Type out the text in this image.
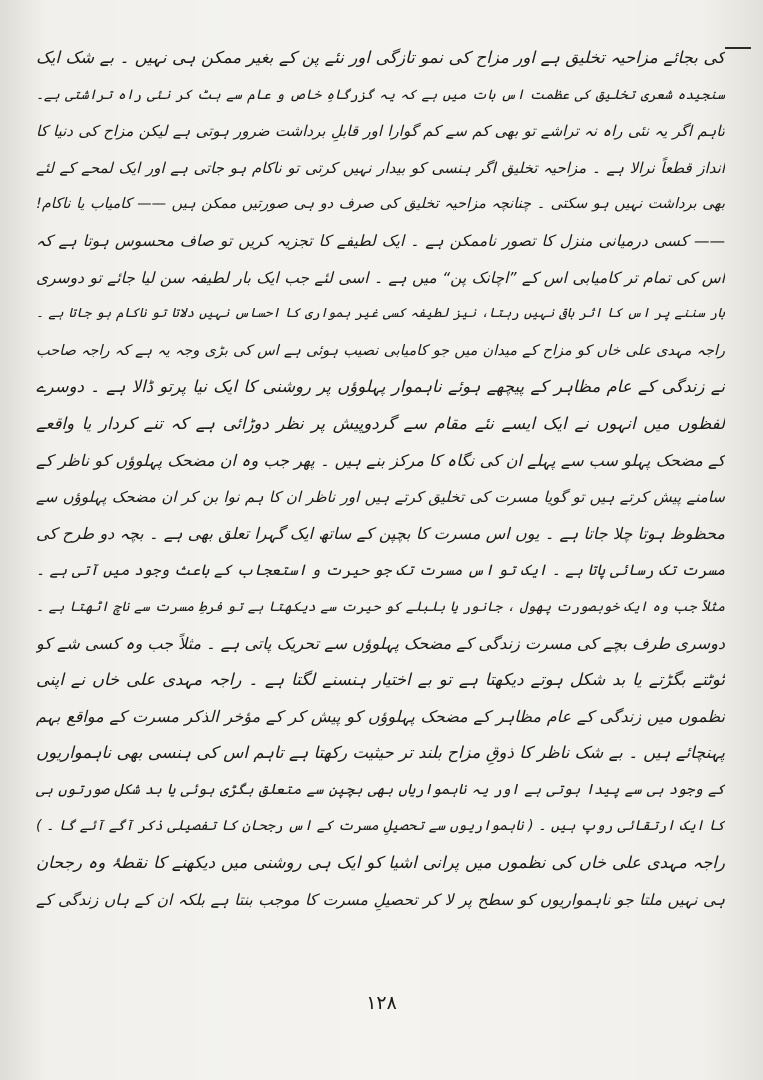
کی بجائے مزاحیہ تخلیق ہے اور مزاح کی نمو تازگی اور نئے پن کے بغیر ممکن ہی نہیں ۔ بے شک ایک
سنجیدہ شعری تخلیق کی عظمت اس بات میں ہے کہ یہ گزرگاہِ خاص و عام سے ہٹ کر نئی راہ تراشتی ہے۔
تاہم اگر یہ نئی راہ نہ تراشے تو بھی کم سے کم گوارا اور قابلِ برداشت ضرور ہوتی ہے لیکن مزاح کی دنیا کا
انداز قطعاً نرالا ہے ۔ مزاحیہ تخلیق اگر ہنسی کو بیدار نہیں کرتی تو ناکام ہو جاتی ہے اور ایک لمحے کے لئے
بھی برداشت نہیں ہو سکتی ۔ چنانچہ مزاحیہ تخلیق کی صرف دو ہی صورتیں ممکن ہیں —— کامیاب یا ناکام!
—— کسی درمیانی منزل کا تصور ناممکن ہے ۔ ایک لطیفے کا تجزیہ کریں تو صاف محسوس ہوتا ہے کہ
اس کی تمام تر کامیابی اس کے ”اچانک پن“ میں ہے ۔ اسی لئے جب ایک بار لطیفہ سن لیا جائے تو دوسری
بار سننے پر اس کا اثر باقی نہیں رہتا، نیز لطیفہ کسی غیر ہمواری کا احساس نہیں دلاتا تو ناکام ہو جاتا ہے ۔
راجہ مہدی علی خاں کو مزاح کے میدان میں جو کامیابی نصیب ہوئی ہے اس کی بڑی وجہ یہ ہے کہ راجہ صاحب
نے زندگی کے عام مظاہر کے پیچھے ہوئے ناہموار پہلوؤں پر روشنی کا ایک نیا پرتو ڈالا ہے ۔ دوسرے
لفظوں میں انہوں نے ایک ایسے نئے مقام سے گردوپیش پر نظر دوڑائی ہے کہ تنے کردار یا واقعے
کے مضحک پہلو سب سے پہلے ان کی نگاہ کا مرکز بنے ہیں ۔ پھر جب وہ ان مضحک پہلوؤں کو ناظر کے
سامنے پیش کرتے ہیں تو گویا مسرت کی تخلیق کرتے ہیں اور ناظر ان کا ہم نوا بن کر ان مضحک پہلوؤں سے
محظوظ ہوتا چلا جاتا ہے ۔ یوں اس مسرت کا بچپن کے ساتھ ایک گہرا تعلق بھی ہے ۔ بچہ دو طرح کی
مسرت تک رسائی پاتا ہے ۔ ایک تو اس مسرت تک جو حیرت و استعجاب کے باعث وجود میں آتی ہے ۔
مثلاً جب وہ ایک خوبصورت پھول ، جانور یا بلبلے کو حیرت سے دیکھتا ہے تو فرطِ مسرت سے ناچ اٹھتا ہے ۔
دوسری طرف بچے کی مسرت زندگی کے مضحک پہلوؤں سے تحریک پاتی ہے ۔ مثلاً جب وہ کسی شے کو
ٹوٹتے بگڑتے یا بد شکل ہوتے دیکھتا ہے تو بے اختیار ہنسنے لگتا ہے ۔ راجہ مہدی علی خاں نے اپنی
نظموں میں زندگی کے عام مظاہر کے مضحک پہلوؤں کو پیش کر کے مؤخر الذکر مسرت کے مواقع بہم
پہنچائے ہیں ۔ بے شک ناظر کا ذوقِ مزاح بلند تر حیثیت رکھتا ہے تاہم اس کی ہنسی بھی ناہمواریوں
کے وجود ہی سے پیدا ہوتی ہے اور یہ ناہمواریاں بھی بچپن سے متعلق بگڑی ہوئی یا بد شکل صورتوں ہی
کا ایک ارتقائی روپ ہیں ۔ ( ناہمواریوں سے تحصیلِ مسرت کے اس رجحان کا تفصیلی ذکر آگے آئے گا ۔ )
راجہ مہدی علی خاں کی نظموں میں پرانی اشیا کو ایک ہی روشنی میں دیکھنے کا نقطۂ وہ رجحان
ہی نہیں ملتا جو ناہمواریوں کو سطح پر لا کر تحصیلِ مسرت کا موجب بنتا ہے بلکہ ان کے ہاں زندگی کے
۱۲۸
